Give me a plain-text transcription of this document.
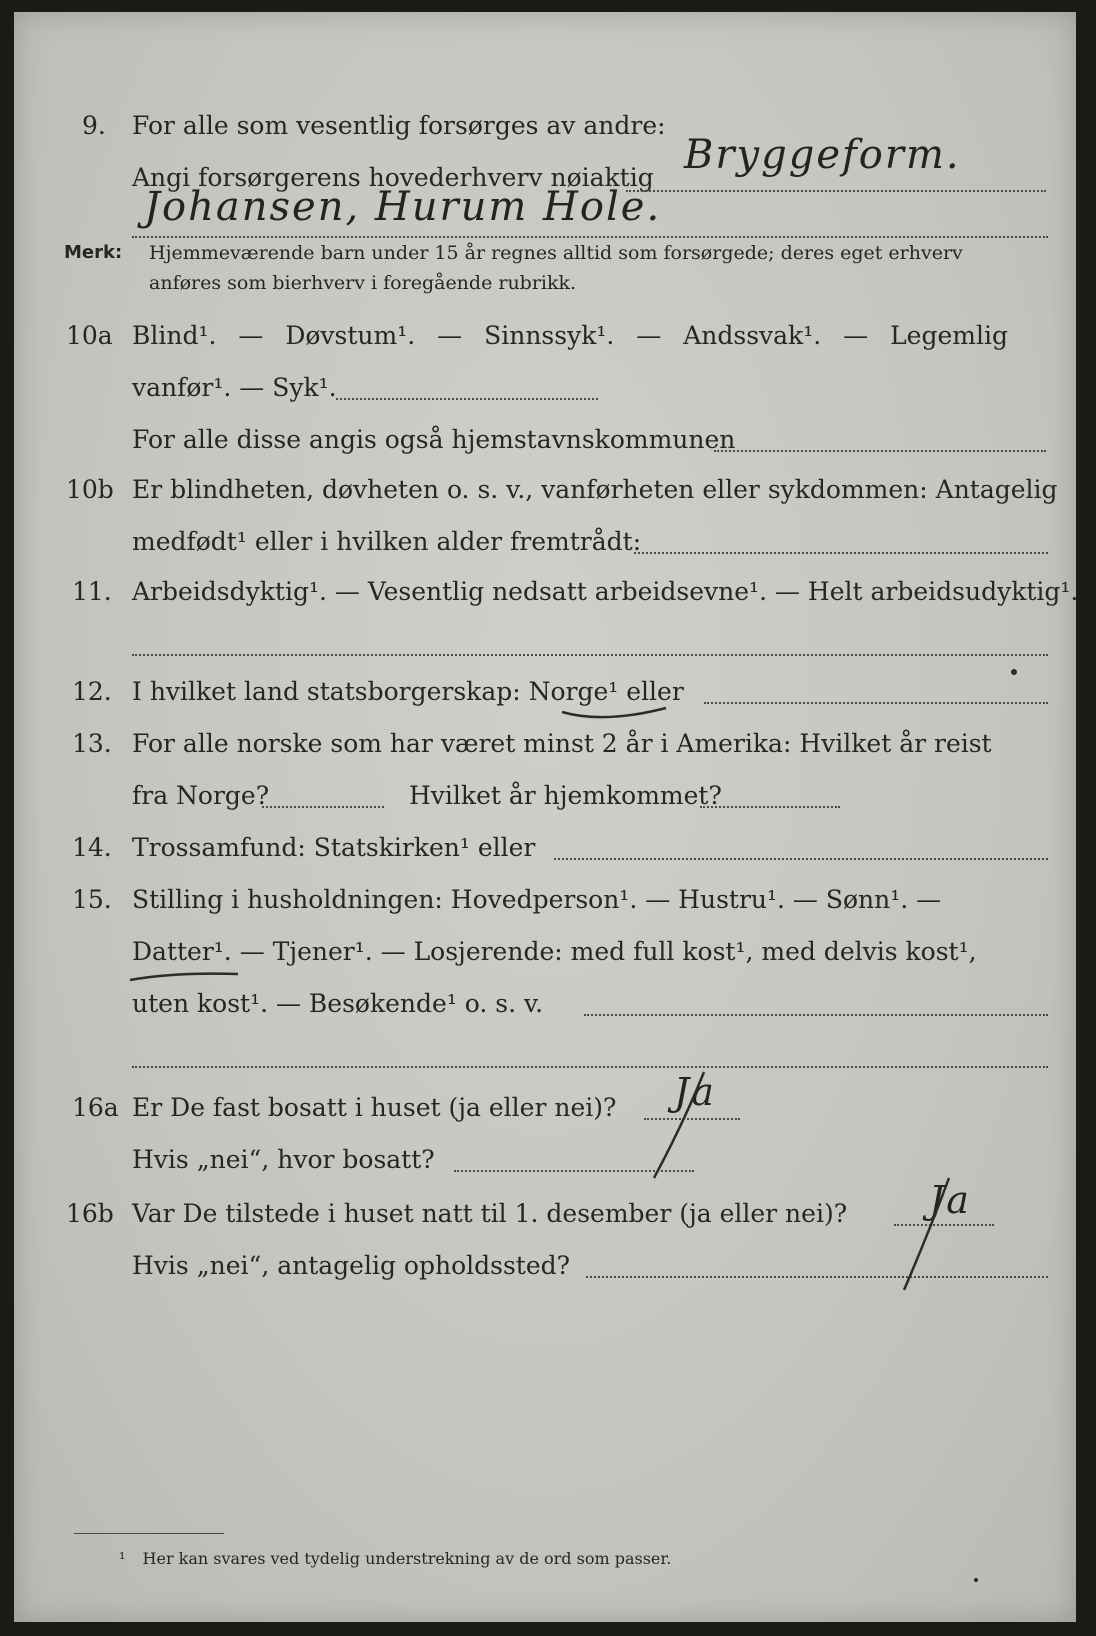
9.	For alle som vesentlig forsørges av andre:
Angi forsørgerens hovederhverv nøiaktig Bryggeform.
Johansen, Hurum Hole.
Merk: Hjemmeværende barn under 15 år regnes alltid som forsørgede; deres eget erhverv
anføres som bierhverv i foregående rubrikk.
10a Blind¹. — Døvstum¹. — Sinnssyk¹. — Andssvak¹. — Legemlig
vanfør¹. — Syk¹.
For alle disse angis også hjemstavnskommunen
10b Er blindheten, døvheten o. s. v., vanførheten eller sykdommen: Antagelig
medfødt¹ eller i hvilken alder fremtrådt:
11. Arbeidsdyktig¹. — Vesentlig nedsatt arbeidsevne¹. — Helt arbeidsudyktig¹.
12. I hvilket land statsborgerskap: Norge¹ eller
13. For alle norske som har været minst 2 år i Amerika: Hvilket år reist
fra Norge?	Hvilket år hjemkommet?
14. Trossamfund: Statskirken¹ eller
15. Stilling i husholdningen: Hovedperson¹. — Hustru¹. — Sønn¹. —
Datter¹. — Tjener¹. — Losjerende: med full kost¹, med delvis kost¹,
uten kost¹. — Besøkende¹ o. s. v.
16a Er De fast bosatt i huset (ja eller nei)? Ja
Hvis „nei“, hvor bosatt?
16b Var De tilstede i huset natt til 1. desember (ja eller nei)? Ja
Hvis „nei“, antagelig opholdssted?
¹ Her kan svares ved tydelig understrekning av de ord som passer.
